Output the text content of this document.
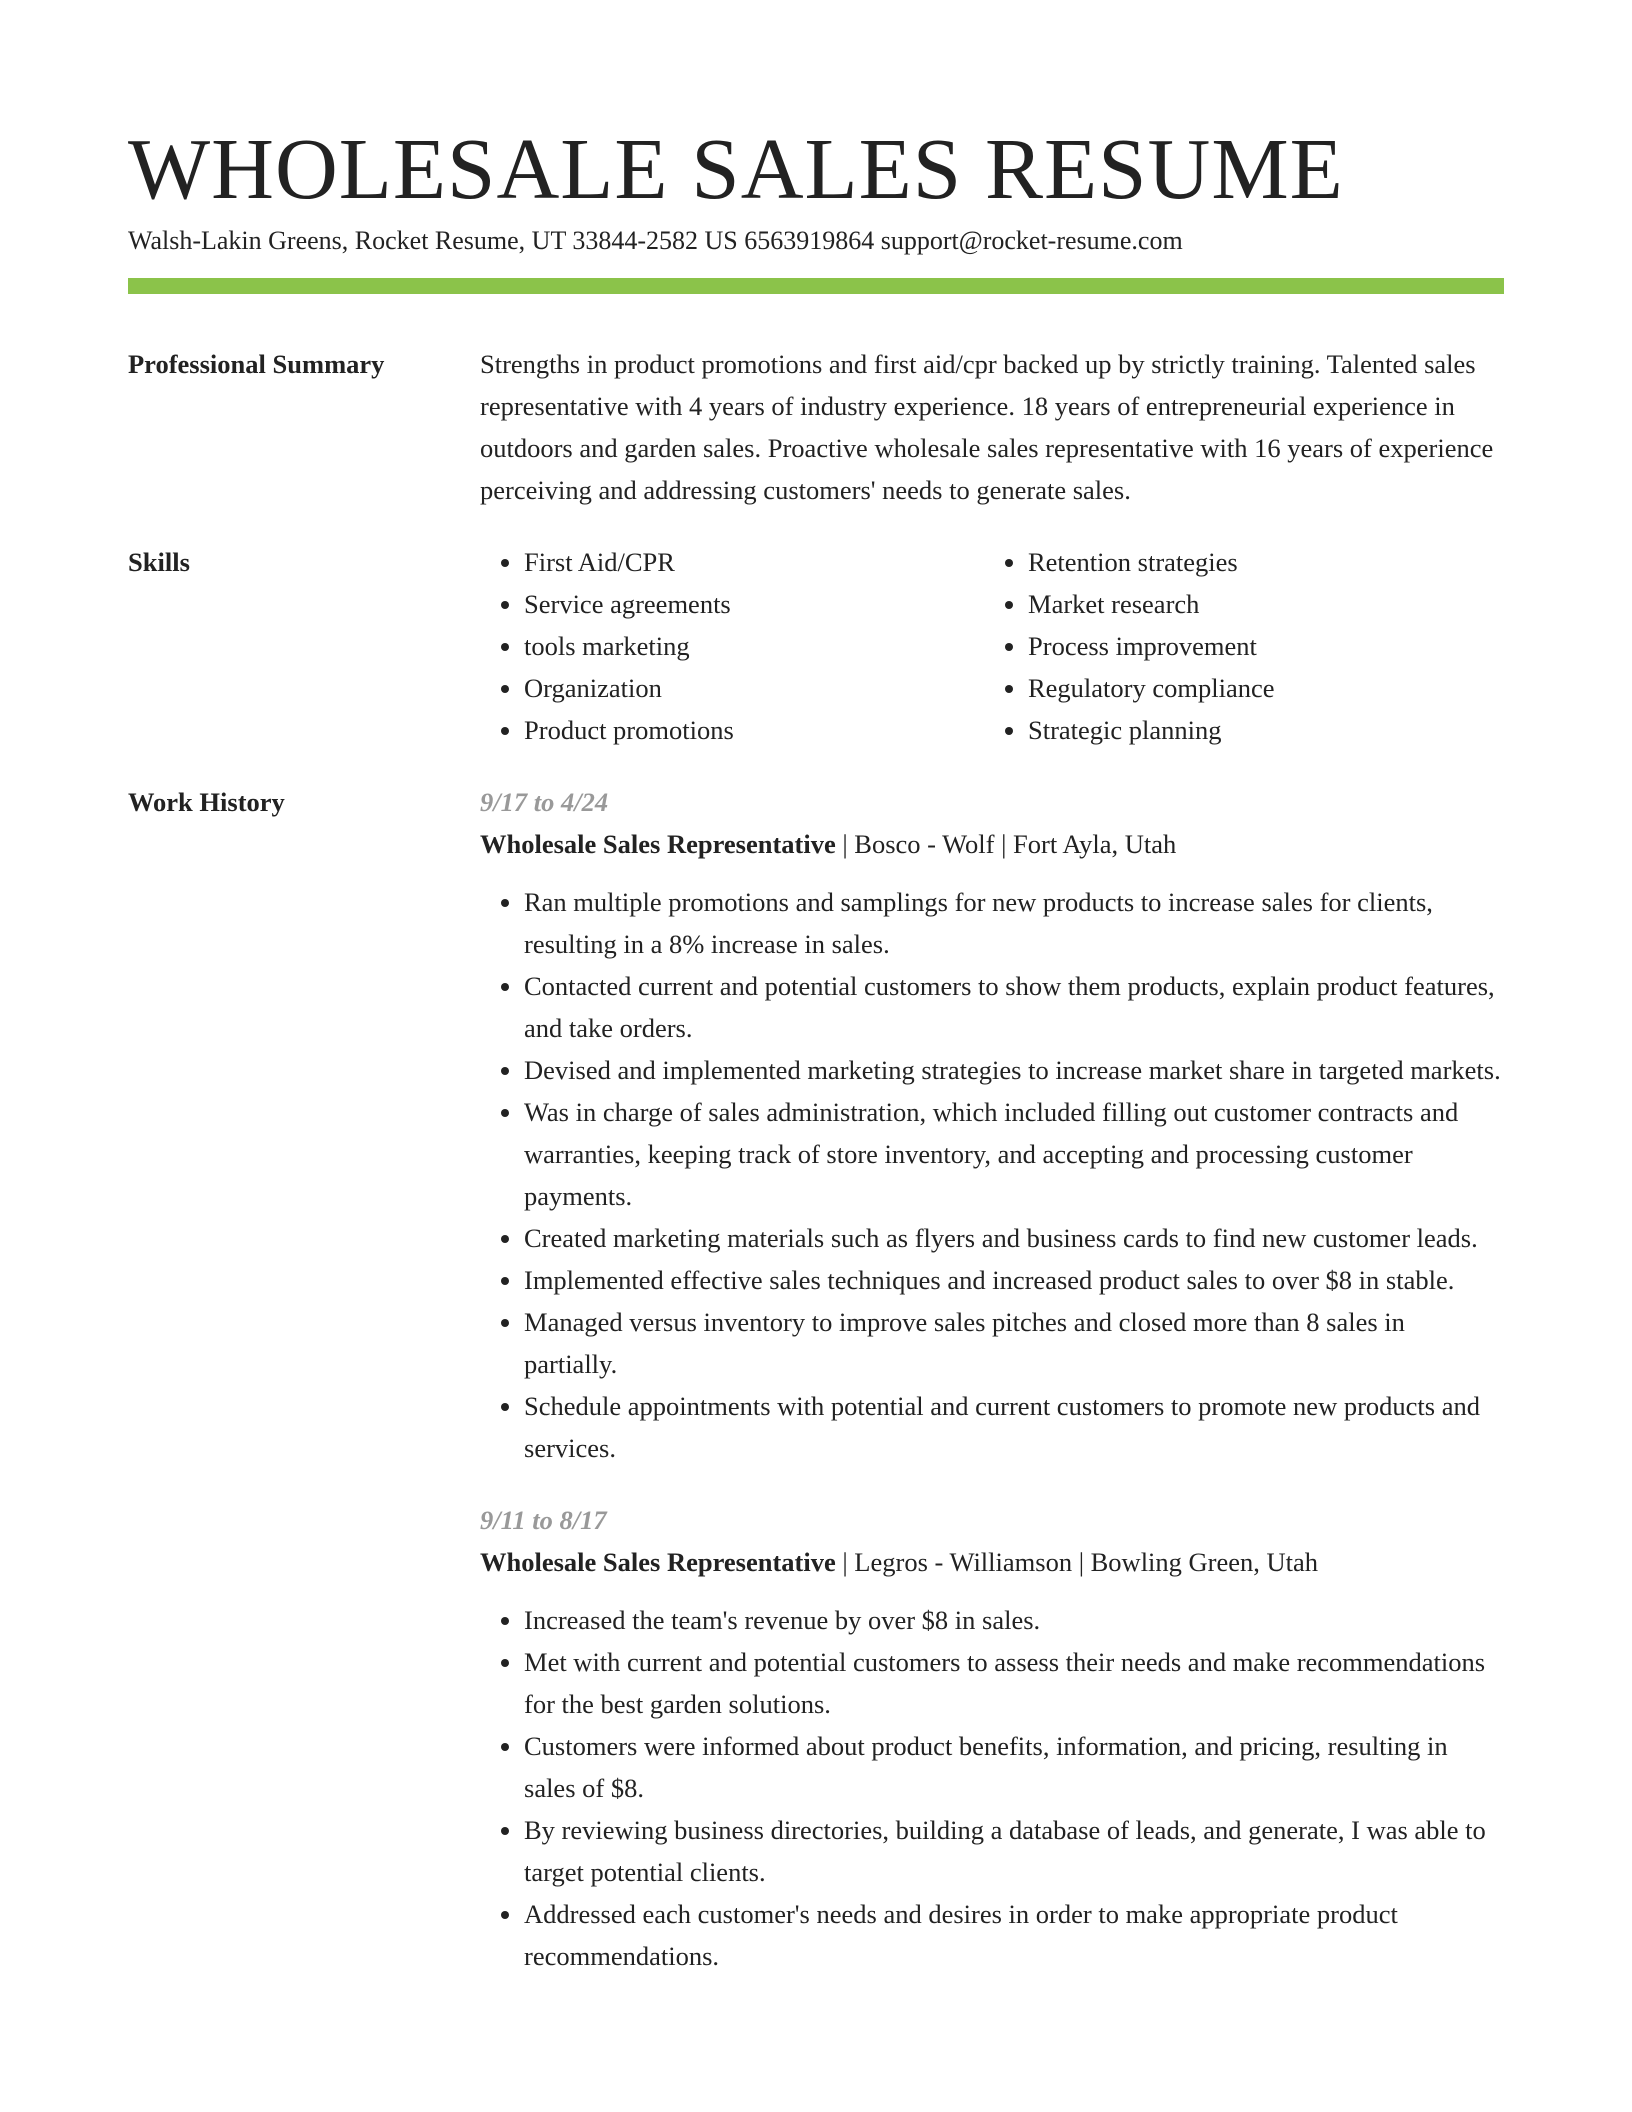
WHOLESALE SALES RESUME
Walsh-Lakin Greens, Rocket Resume, UT 33844-2582 US 6563919864 support@rocket-resume.com
Professional Summary	Strengths in product promotions and first aid/cpr backed up by strictly training. Talented sales representative with 4 years of industry experience. 18 years of entrepreneurial experience in outdoors and garden sales. Proactive wholesale sales representative with 16 years of experience perceiving and addressing customers' needs to generate sales.
Skills
•	First Aid/CPR
• Service agreements
• tools marketing
• Organization
• Product promotions
• Retention strategies
• Market research
• Process improvement
• Regulatory compliance
• Strategic planning
Work History	9/17 to 4/24
Wholesale Sales Representative | Bosco - Wolf | Fort Ayla, Utah
• Ran multiple promotions and samplings for new products to increase sales for clients, resulting in a 8% increase in sales.
• Contacted current and potential customers to show them products, explain product features, and take orders.
• Devised and implemented marketing strategies to increase market share in targeted markets.
• Was in charge of sales administration, which included filling out customer contracts and warranties, keeping track of store inventory, and accepting and processing customer payments.
• Created marketing materials such as flyers and business cards to find new customer leads.
• Implemented effective sales techniques and increased product sales to over $8 in stable.
• Managed versus inventory to improve sales pitches and closed more than 8 sales in partially.
• Schedule appointments with potential and current customers to promote new products and services.
9/11 to 8/17
Wholesale Sales Representative | Legros - Williamson | Bowling Green, Utah
• Increased the team's revenue by over $8 in sales.
• Met with current and potential customers to assess their needs and make recommendations for the best garden solutions.
• Customers were informed about product benefits, information, and pricing, resulting in sales of $8.
• By reviewing business directories, building a database of leads, and generate, I was able to target potential clients.
• Addressed each customer's needs and desires in order to make appropriate product recommendations.
